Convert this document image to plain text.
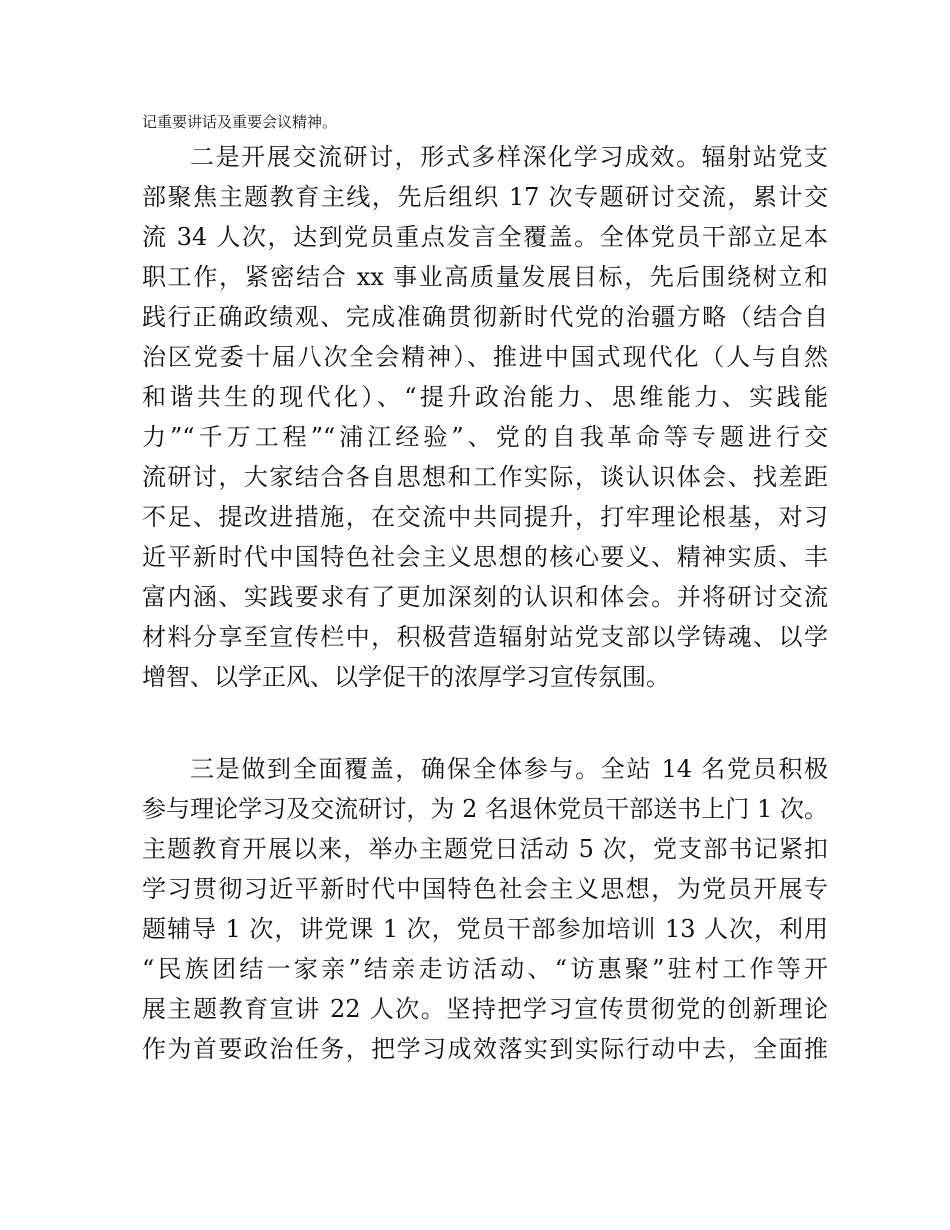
记重要讲话及重要会议精神。
二是开展交流研讨，形式多样深化学习成效。辐射站党支
部聚焦主题教育主线，先后组织 17 次专题研讨交流，累计交
流 34 人次，达到党员重点发言全覆盖。全体党员干部立足本
职工作，紧密结合 xx 事业高质量发展目标，先后围绕树立和
践行正确政绩观、完成准确贯彻新时代党的治疆方略（结合自
治区党委十届八次全会精神）、推进中国式现代化（人与自然
和谐共生的现代化）、“提升政治能力、思维能力、实践能
力”“千万工程”“浦江经验”、党的自我革命等专题进行交
流研讨，大家结合各自思想和工作实际，谈认识体会、找差距
不足、提改进措施，在交流中共同提升，打牢理论根基，对习
近平新时代中国特色社会主义思想的核心要义、精神实质、丰
富内涵、实践要求有了更加深刻的认识和体会。并将研讨交流
材料分享至宣传栏中，积极营造辐射站党支部以学铸魂、以学
增智、以学正风、以学促干的浓厚学习宣传氛围。
三是做到全面覆盖，确保全体参与。全站 14 名党员积极
参与理论学习及交流研讨，为 2 名退休党员干部送书上门 1 次。
主题教育开展以来，举办主题党日活动 5 次，党支部书记紧扣
学习贯彻习近平新时代中国特色社会主义思想，为党员开展专
题辅导 1 次，讲党课 1 次，党员干部参加培训 13 人次，利用
“民族团结一家亲”结亲走访活动、“访惠聚”驻村工作等开
展主题教育宣讲 22 人次。坚持把学习宣传贯彻党的创新理论
作为首要政治任务，把学习成效落实到实际行动中去，全面推
